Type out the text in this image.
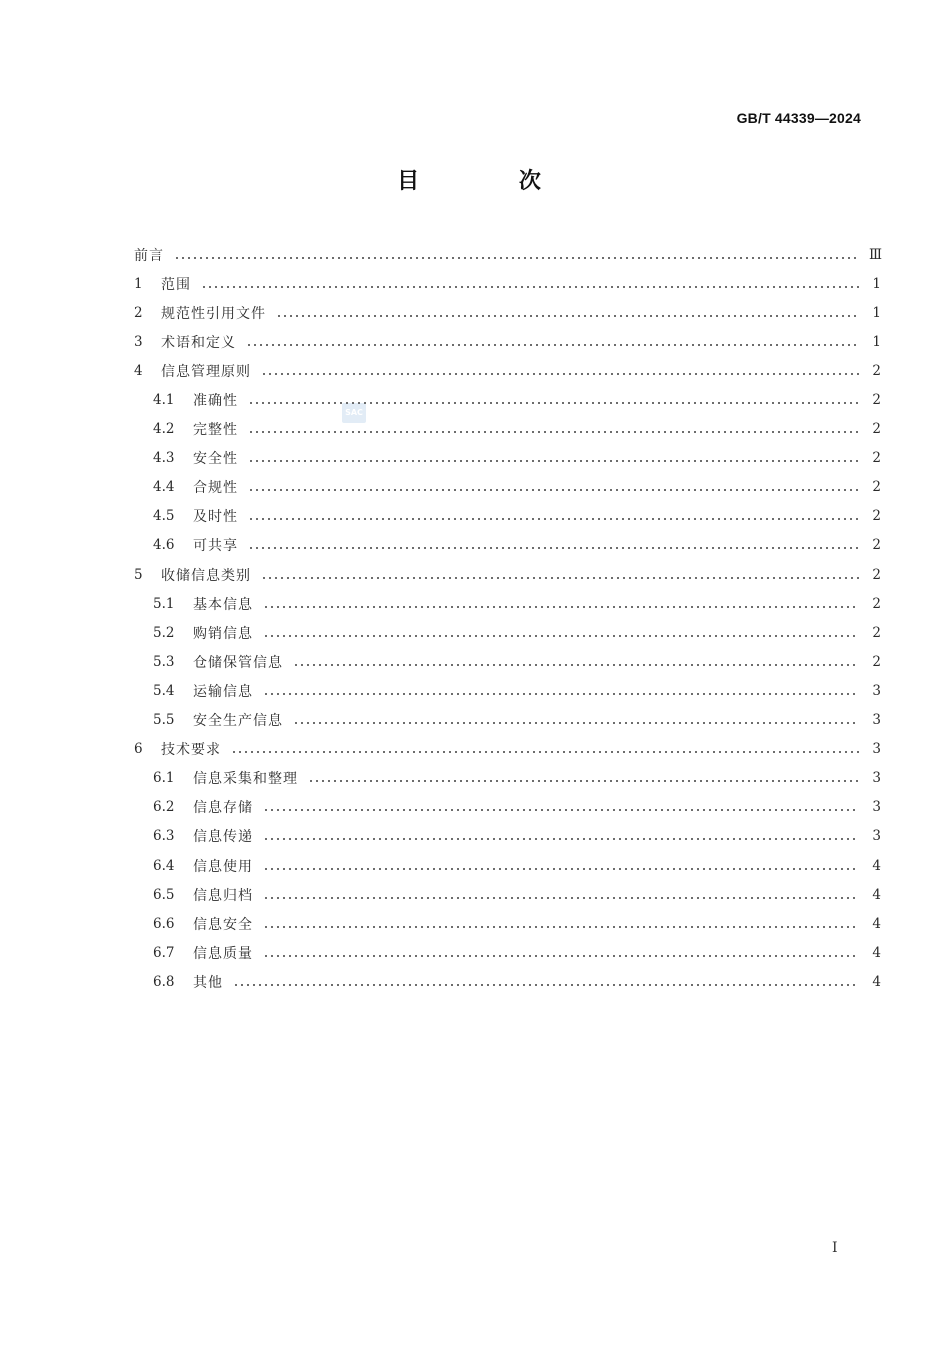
GB/T 44339—2024
目 次
SAC
前言	Ⅲ
1	范围	1
2	规范性引用文件	1
3	术语和定义	1
4	信息管理原则	2
4.1	准确性	2
4.2	完整性	2
4.3	安全性	2
4.4	合规性	2
4.5	及时性	2
4.6	可共享	2
5	收储信息类别	2
5.1	基本信息	2
5.2	购销信息	2
5.3	仓储保管信息	2
5.4	运输信息	3
5.5	安全生产信息	3
6	技术要求	3
6.1	信息采集和整理	3
6.2	信息存储	3
6.3	信息传递	3
6.4	信息使用	4
6.5	信息归档	4
6.6	信息安全	4
6.7	信息质量	4
6.8	其他	4
I
